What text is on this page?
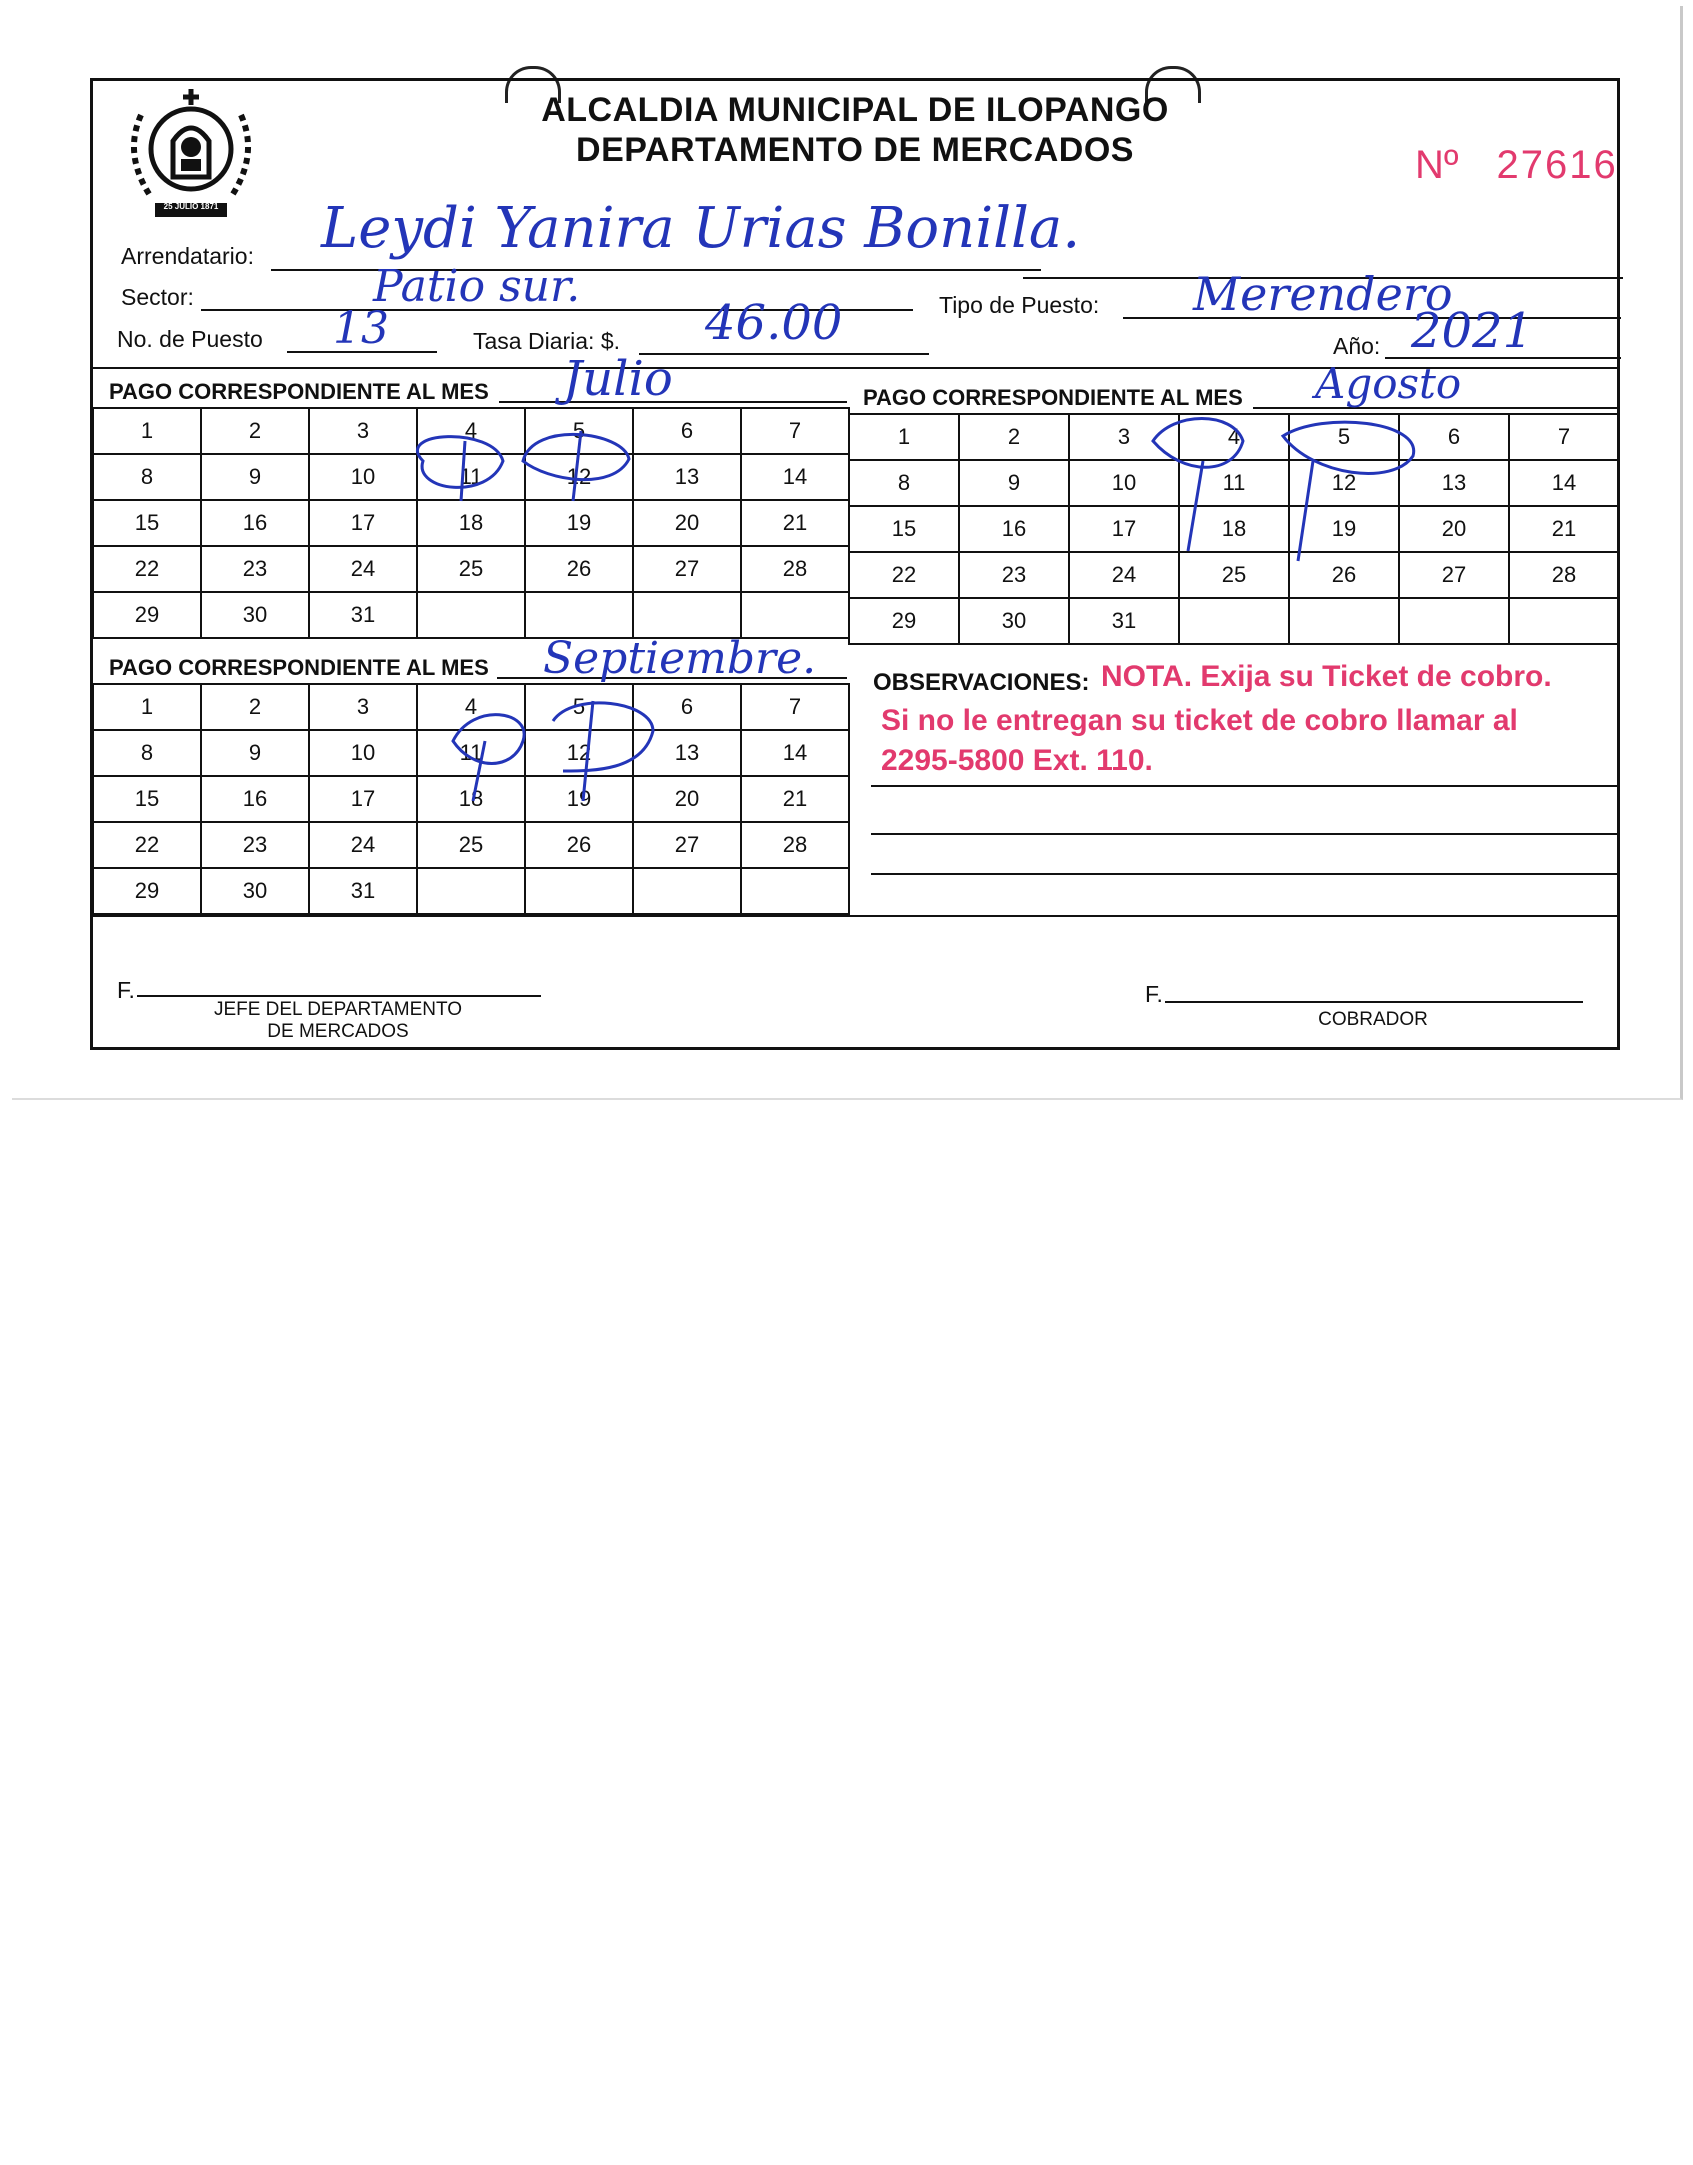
25 JULIO 1871
ALCALDIA MUNICIPAL DE ILOPANGO
DEPARTAMENTO DE MERCADOS	Nº 27616
Arrendatario: Leydi Yanira Urias Bonilla.
Sector:	Patio sur.	Tipo de Puesto: Merendero
No. de Puesto 13	Tasa Diaria: $. 46.00	Año: 2021
PAGO CORRESPONDIENTE AL MES Julio
1	2	3	4	5	6	7
8	9	10	11	12	13	14
15	16	17	18	19	20	21
22	23	24	25	26	27	28
29	30	31				
PAGO CORRESPONDIENTE AL MES Agosto
1	2	3	4	5	6	7
8	9	10	11	12	13	14
15	16	17	18	19	20	21
22	23	24	25	26	27	28
29	30	31				
PAGO CORRESPONDIENTE AL MES Septiembre.
1	2	3	4	5	6	7
8	9	10	11	12	13	14
15	16	17	18	19	20	21
22	23	24	25	26	27	28
29	30	31				
OBSERVACIONES: NOTA. Exija su Ticket de cobro.
Si no le entregan su ticket de cobro llamar al
2295-5800 Ext. 110.
F.
JEFE DEL DEPARTAMENTO
DE MERCADOS
F.
COBRADOR
